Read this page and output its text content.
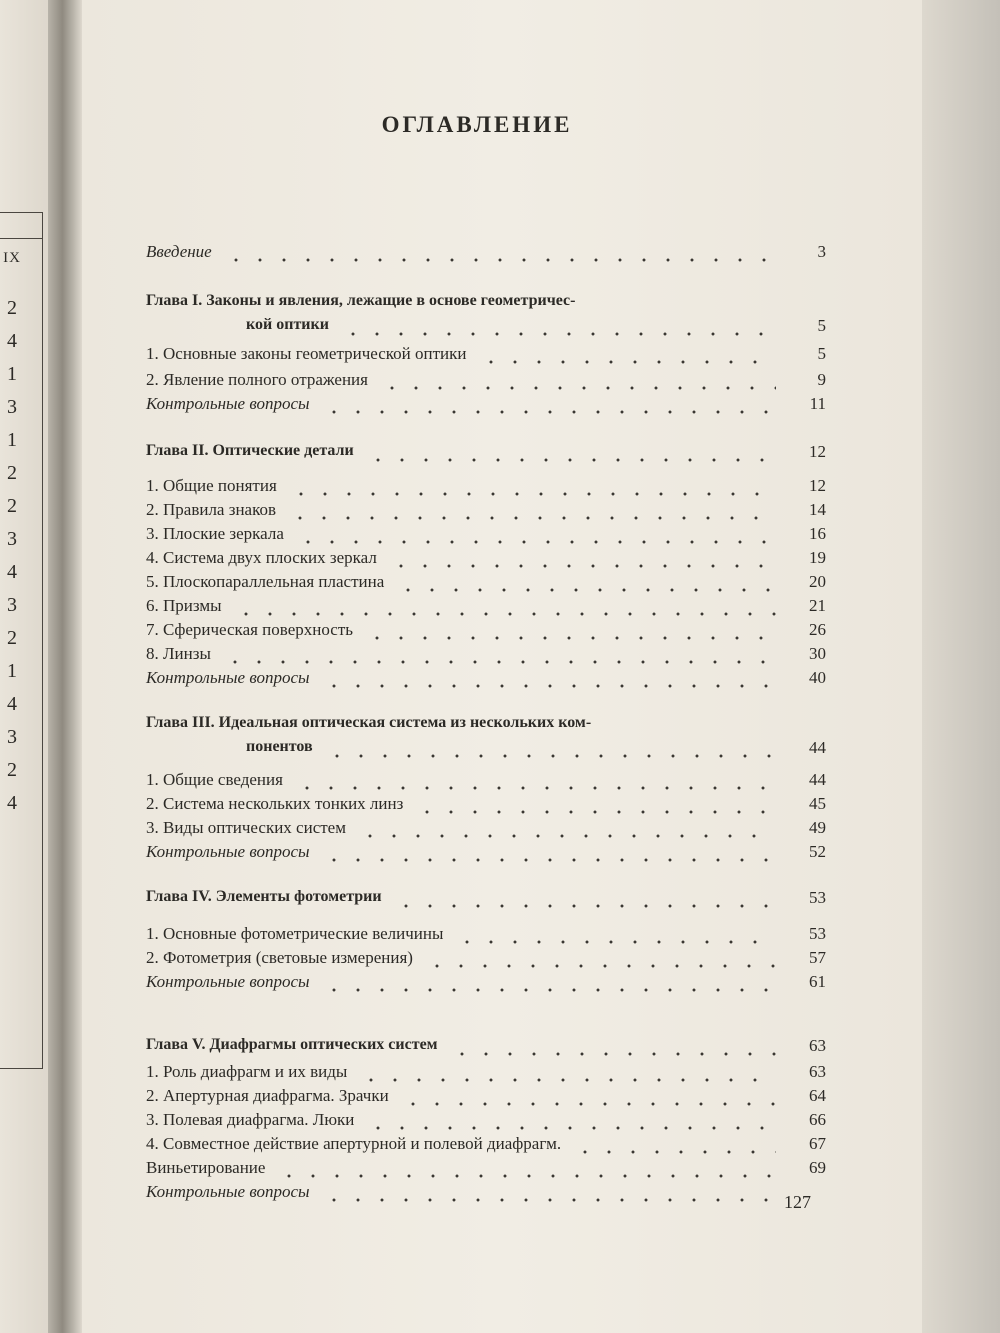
IX
2
4
1
3
1
2
2
3
4
3
2
1
4
3
2
4
ОГЛАВЛЕНИЕ
Введение	3
Глава I. Законы и явления, лежащие в основе геометричес-
кой оптики	5
1. Основные законы геометрической оптики	5
2. Явление полного отражения	9
Контрольные вопросы	11
Глава II. Оптические детали	12
1. Общие понятия	12
2. Правила знаков	14
3. Плоские зеркала	16
4. Система двух плоских зеркал	19
5. Плоскопараллельная пластина	20
6. Призмы	21
7. Сферическая поверхность	26
8. Линзы	30
Контрольные вопросы	40
Глава III. Идеальная оптическая система из нескольких ком-
понентов	44
1. Общие сведения	44
2. Система нескольких тонких линз	45
3. Виды оптических систем	49
Контрольные вопросы	52
Глава IV. Элементы фотометрии	53
1. Основные фотометрические величины	53
2. Фотометрия (световые измерения)	57
Контрольные вопросы	61
Глава V. Диафрагмы оптических систем	63
1. Роль диафрагм и их виды	63
2. Апертурная диафрагма. Зрачки	64
3. Полевая диафрагма. Люки	66
4. Совместное действие апертурной и полевой диафрагм.	67
Виньетирование	69
Контрольные вопросы
127
